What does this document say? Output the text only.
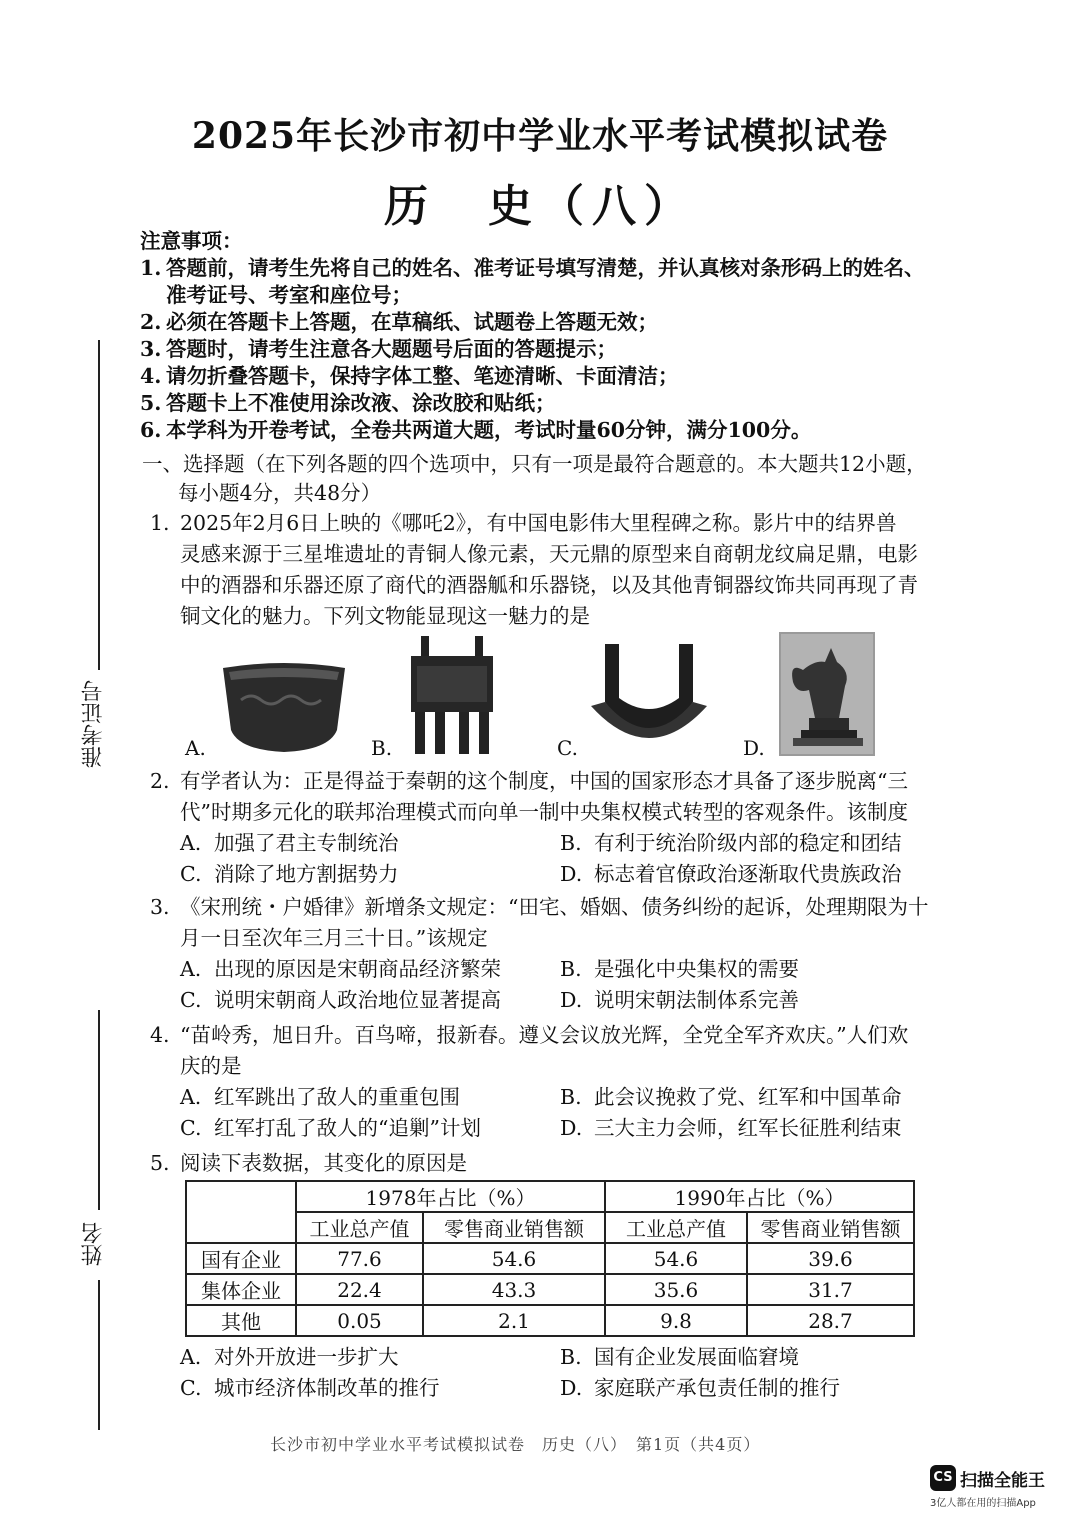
准考证号
姓名
2025年长沙市初中学业水平考试模拟试卷
历　史（八）
注意事项：
1. 答题前，请考生先将自己的姓名、准考证号填写清楚，并认真核对条形码上的姓名、
准考证号、考室和座位号；
2. 必须在答题卡上答题，在草稿纸、试题卷上答题无效；
3. 答题时，请考生注意各大题题号后面的答题提示；
4. 请勿折叠答题卡，保持字体工整、笔迹清晰、卡面清洁；
5. 答题卡上不准使用涂改液、涂改胶和贴纸；
6. 本学科为开卷考试，全卷共两道大题，考试时量60分钟，满分100分。
一、选择题（在下列各题的四个选项中，只有一项是最符合题意的。本大题共12小题，
每小题4分，共48分）
1. 2025年2月6日上映的《哪吒2》，有中国电影伟大里程碑之称。影片中的结界兽
灵感来源于三星堆遗址的青铜人像元素，天元鼎的原型来自商朝龙纹扁足鼎，电影
中的酒器和乐器还原了商代的酒器觚和乐器铙，以及其他青铜器纹饰共同再现了青
铜文化的魅力。下列文物能显现这一魅力的是
A.	B.	C.	D.
2. 有学者认为：正是得益于秦朝的这个制度，中国的国家形态才具备了逐步脱离“三
代”时期多元化的联邦治理模式而向单一制中央集权模式转型的客观条件。该制度
A. 加强了君主专制统治	B. 有利于统治阶级内部的稳定和团结
C. 消除了地方割据势力	D. 标志着官僚政治逐渐取代贵族政治
3. 《宋刑统・户婚律》新增条文规定：“田宅、婚姻、债务纠纷的起诉，处理期限为十
月一日至次年三月三十日。”该规定
A. 出现的原因是宋朝商品经济繁荣	B. 是强化中央集权的需要
C. 说明宋朝商人政治地位显著提高	D. 说明宋朝法制体系完善
4. “苗岭秀，旭日升。百鸟啼，报新春。遵义会议放光辉，全党全军齐欢庆。”人们欢
庆的是
A. 红军跳出了敌人的重重包围	B. 此会议挽救了党、红军和中国革命
C. 红军打乱了敌人的“追剿”计划	D. 三大主力会师，红军长征胜利结束
5. 阅读下表数据，其变化的原因是
	1978年占比（%）		1990年占比（%）	
	工业总产值	零售商业销售额	工业总产值	零售商业销售额
国有企业	77.6	54.6	54.6	39.6
集体企业	22.4	43.3	35.6	31.7
其他	0.05	2.1	9.8	28.7
A. 对外开放进一步扩大	B. 国有企业发展面临窘境
C. 城市经济体制改革的推行	D. 家庭联产承包责任制的推行
长沙市初中学业水平考试模拟试卷　历史（八）　第1页（共4页）
CS 扫描全能王
3亿人都在用的扫描App
